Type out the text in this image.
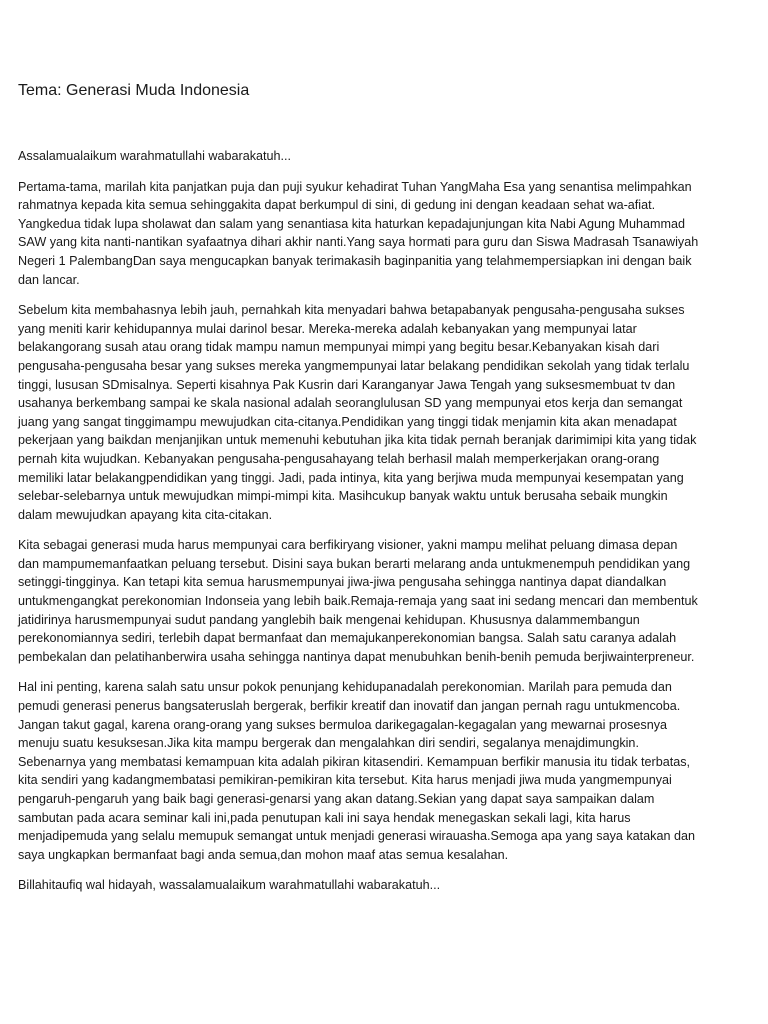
Tema: Generasi Muda Indonesia

Assalamualaikum warahmatullahi wabarakatuh...

Pertama-tama, marilah kita panjatkan puja dan puji syukur kehadirat Tuhan YangMaha Esa yang senantisa melimpahkan rahmatnya kepada kita semua sehinggakita dapat berkumpul di sini, di gedung ini dengan keadaan sehat wa-afiat. Yangkedua tidak lupa sholawat dan salam yang senantiasa kita haturkan kepadajunjungan kita Nabi Agung Muhammad SAW yang kita nanti-nantikan syafaatnya dihari akhir nanti.Yang saya hormati para guru dan Siswa Madrasah Tsanawiyah Negeri 1 PalembangDan saya mengucapkan banyak terimakasih baginpanitia yang telahmempersiapkan ini dengan baik dan lancar.

Sebelum kita membahasnya lebih jauh, pernahkah kita menyadari bahwa betapabanyak pengusaha-pengusaha sukses yang meniti karir kehidupannya mulai darinol besar. Mereka-mereka adalah kebanyakan yang mempunyai latar belakangorang susah atau orang tidak mampu namun mempunyai mimpi yang begitu besar.Kebanyakan kisah dari pengusaha-pengusaha besar yang sukses mereka yangmempunyai latar belakang pendidikan sekolah yang tidak terlalu tinggi, lususan SDmisalnya. Seperti kisahnya Pak Kusrin dari Karanganyar Jawa Tengah yang suksesmembuat tv dan usahanya berkembang sampai ke skala nasional adalah seoranglulusan SD yang mempunyai etos kerja dan semangat juang yang sangat tinggimampu mewujudkan cita-citanya.Pendidikan yang tinggi tidak menjamin kita akan menadapat pekerjaan yang baikdan menjanjikan untuk memenuhi kebutuhan jika kita tidak pernah beranjak darimimipi kita yang tidak pernah kita wujudkan. Kebanyakan pengusaha-pengusahayang telah berhasil malah memperkerjakan orang-orang memiliki latar belakangpendidikan yang tinggi. Jadi, pada intinya, kita yang berjiwa muda mempunyai kesempatan yang selebar-selebarnya untuk mewujudkan mimpi-mimpi kita. Masihcukup banyak waktu untuk berusaha sebaik mungkin dalam mewujudkan apayang kita cita-citakan.

Kita sebagai generasi muda harus mempunyai cara berfikiryang visioner, yakni mampu melihat peluang dimasa depan dan mampumemanfaatkan peluang tersebut. Disini saya bukan berarti melarang anda untukmenempuh pendidikan yang setinggi-tingginya. Kan tetapi kita semua harusmempunyai jiwa-jiwa pengusaha sehingga nantinya dapat diandalkan untukmengangkat perekonomian Indonseia yang lebih baik.Remaja-remaja yang saat ini sedang mencari dan membentuk jatidirinya harusmempunyai sudut pandang yanglebih baik mengenai kehidupan. Khususnya dalammembangun perekonomiannya sediri, terlebih dapat bermanfaat dan memajukanperekonomian bangsa. Salah satu caranya adalah pembekalan dan pelatihanberwira usaha sehingga nantinya dapat menubuhkan benih-benih pemuda berjiwainterpreneur.

Hal ini penting, karena salah satu unsur pokok penunjang kehidupanadalah perekonomian. Marilah para pemuda dan pemudi generasi penerus bangsateruslah bergerak, berfikir kreatif dan inovatif dan jangan pernah ragu untukmencoba. Jangan takut gagal, karena orang-orang yang sukses bermuloa darikegagalan-kegagalan yang mewarnai prosesnya menuju suatu kesuksesan.Jika kita mampu bergerak dan mengalahkan diri sendiri, segalanya menajdimungkin. Sebenarnya yang membatasi kemampuan kita adalah pikiran kitasendiri. Kemampuan berfikir manusia itu tidak terbatas, kita sendiri yang kadangmembatasi pemikiran-pemikiran kita tersebut. Kita harus menjadi jiwa muda yangmempunyai pengaruh-pengaruh yang baik bagi generasi-genarsi yang akan datang.Sekian yang dapat saya sampaikan dalam sambutan pada acara seminar kali ini,pada penutupan kali ini saya hendak menegaskan sekali lagi, kita harus menjadipemuda yang selalu memupuk semangat untuk menjadi generasi wirauasha.Semoga apa yang saya katakan dan saya ungkapkan bermanfaat bagi anda semua,dan mohon maaf atas semua kesalahan.

Billahitaufiq wal hidayah, wassalamualaikum warahmatullahi wabarakatuh...
